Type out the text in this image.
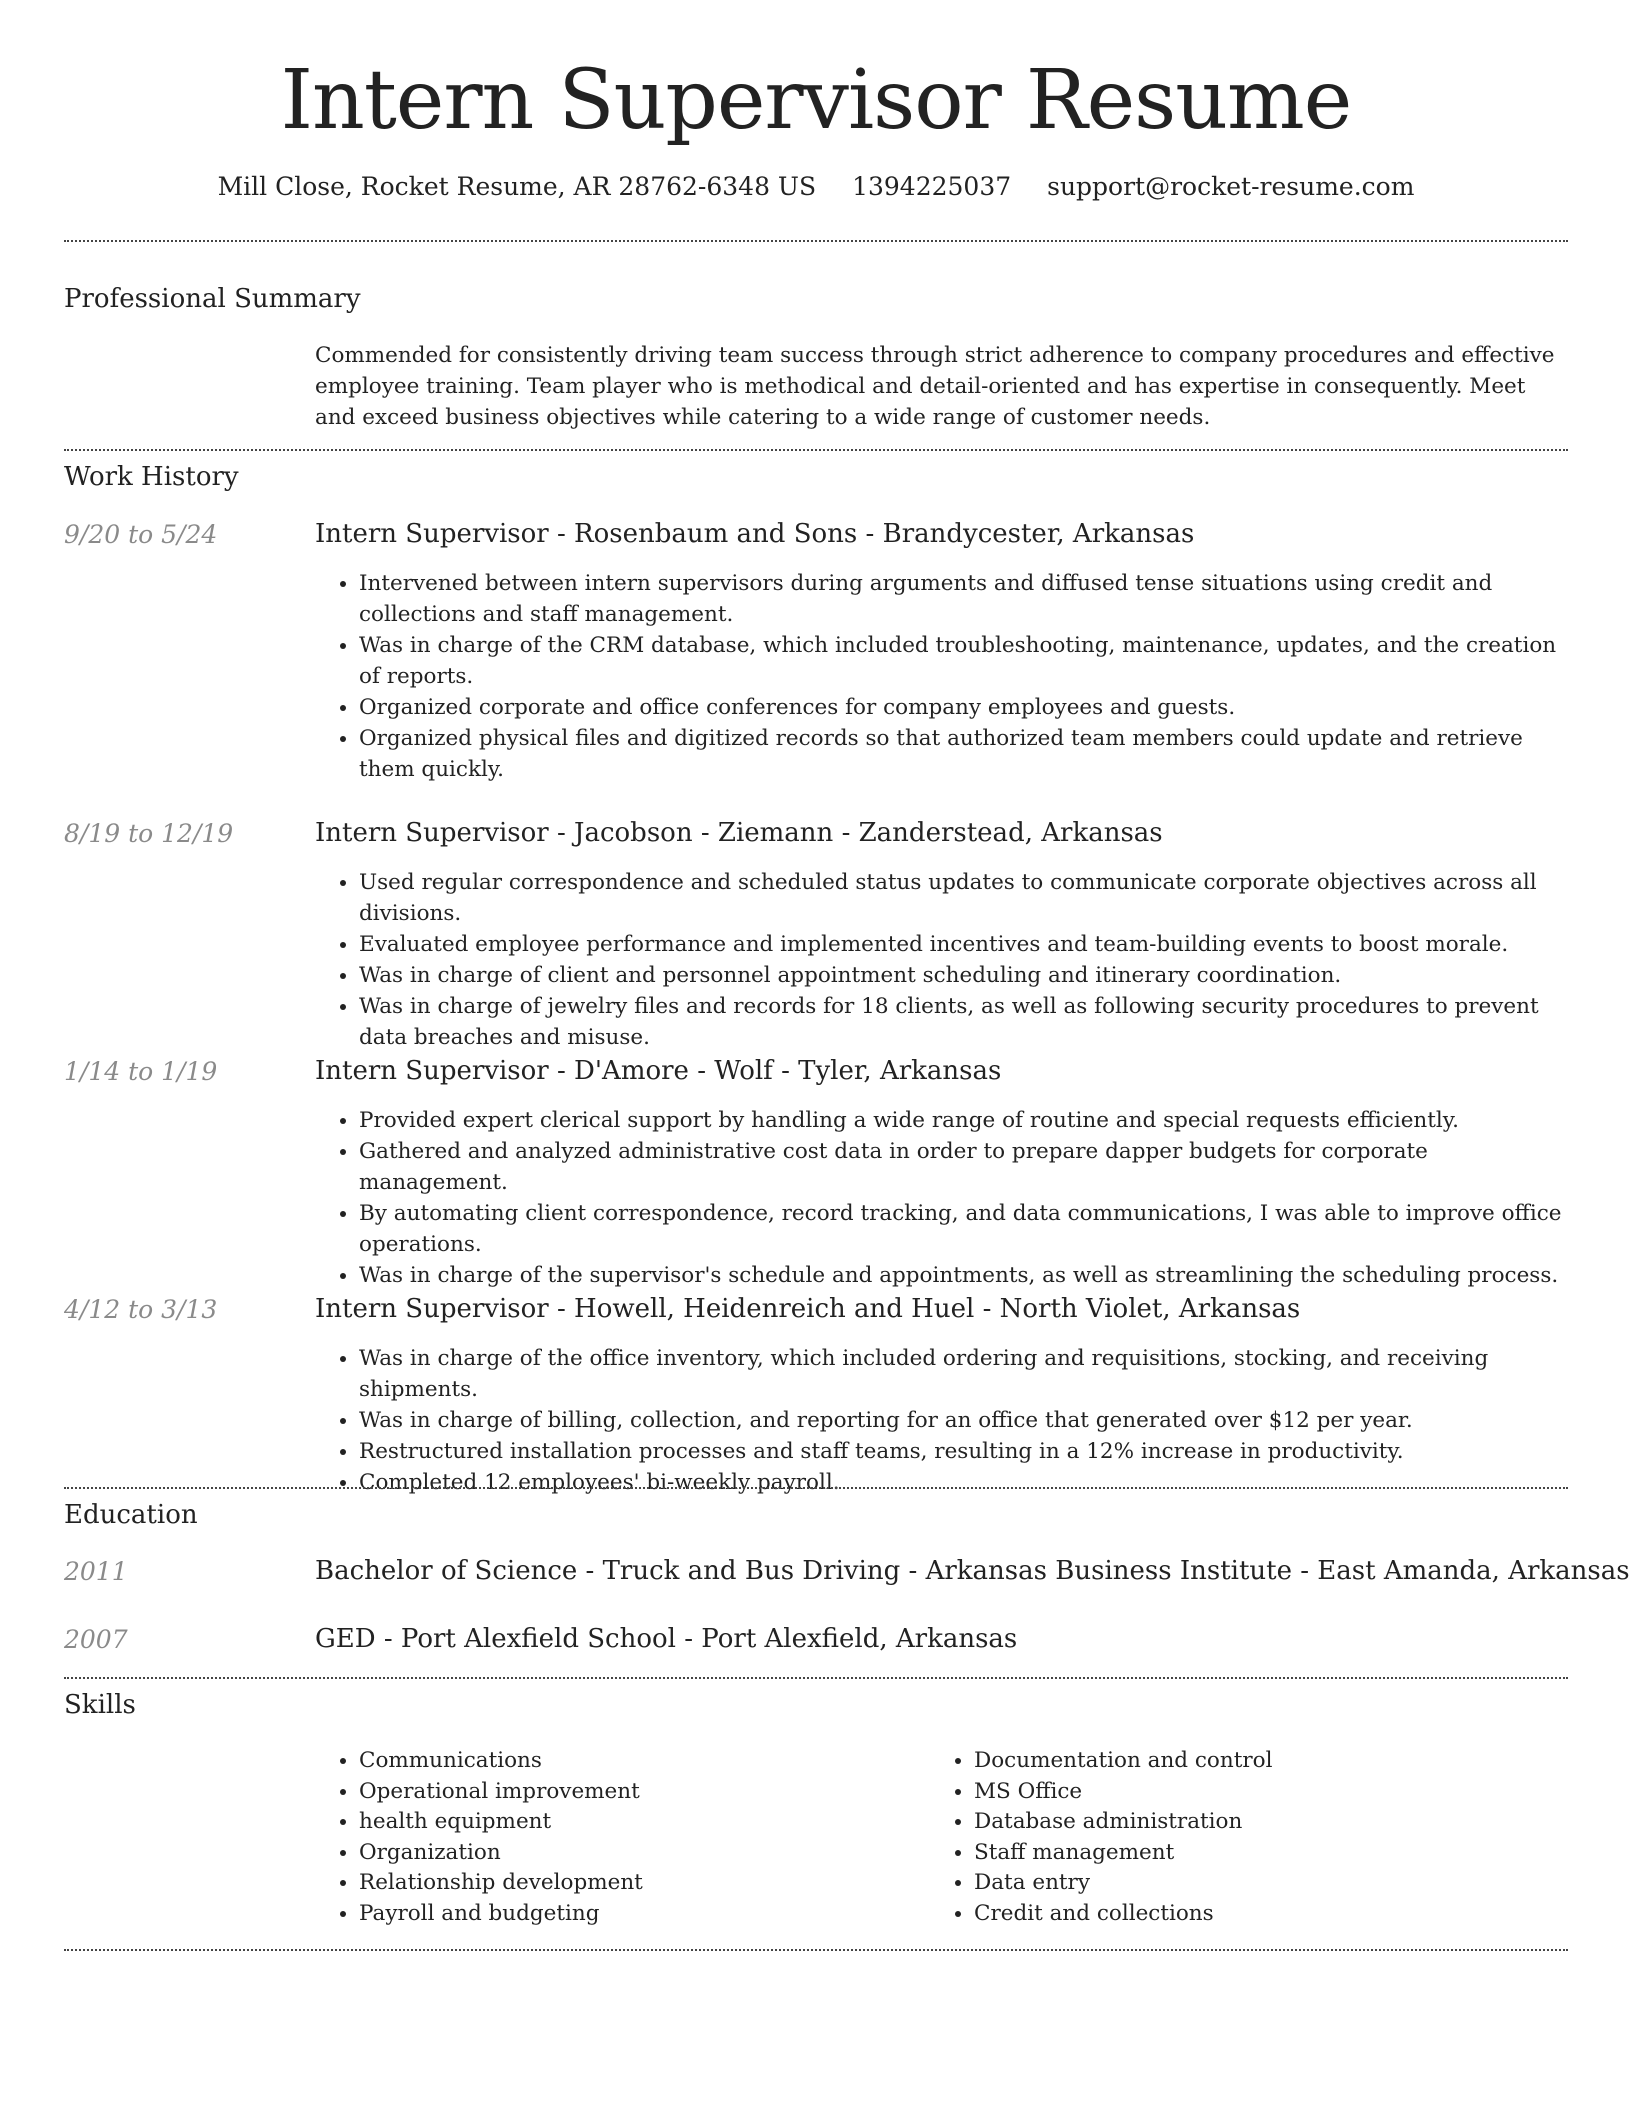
Intern Supervisor Resume
Mill Close, Rocket Resume, AR 28762-6348 US 1394225037 support@rocket-resume.com
Professional Summary

Commended for consistently driving team success through strict adherence to company procedures and effective employee training. Team player who is methodical and detail-oriented and has expertise in consequently. Meet and exceed business objectives while catering to a wide range of customer needs.

Work History
9/20 to 5/24	Intern Supervisor - Rosenbaum and Sons - Brandycester, Arkansas
• Intervened between intern supervisors during arguments and diffused tense situations using credit and collections and staff management.
• Was in charge of the CRM database, which included troubleshooting, maintenance, updates, and the creation of reports.
• Organized corporate and office conferences for company employees and guests.
• Organized physical files and digitized records so that authorized team members could update and retrieve them quickly.
8/19 to 12/19	Intern Supervisor - Jacobson - Ziemann - Zanderstead, Arkansas
• Used regular correspondence and scheduled status updates to communicate corporate objectives across all divisions.
• Evaluated employee performance and implemented incentives and team-building events to boost morale.
• Was in charge of client and personnel appointment scheduling and itinerary coordination.
• Was in charge of jewelry files and records for 18 clients, as well as following security procedures to prevent data breaches and misuse.
1/14 to 1/19	Intern Supervisor - D'Amore - Wolf - Tyler, Arkansas
• Provided expert clerical support by handling a wide range of routine and special requests efficiently.
• Gathered and analyzed administrative cost data in order to prepare dapper budgets for corporate management.
• By automating client correspondence, record tracking, and data communications, I was able to improve office operations.
• Was in charge of the supervisor's schedule and appointments, as well as streamlining the scheduling process.
4/12 to 3/13	Intern Supervisor - Howell, Heidenreich and Huel - North Violet, Arkansas
• Was in charge of the office inventory, which included ordering and requisitions, stocking, and receiving shipments.
• Was in charge of billing, collection, and reporting for an office that generated over $12 per year.
• Restructured installation processes and staff teams, resulting in a 12% increase in productivity.
• Completed 12 employees' bi-weekly payroll.
Education
2011	Bachelor of Science - Truck and Bus Driving - Arkansas Business Institute - East Amanda, Arkansas
2007	GED - Port Alexfield School - Port Alexfield, Arkansas
Skills
• Communications
• Operational improvement
• health equipment
• Organization
• Relationship development
• Payroll and budgeting
• Documentation and control
• MS Office
• Database administration
• Staff management
• Data entry
• Credit and collections
